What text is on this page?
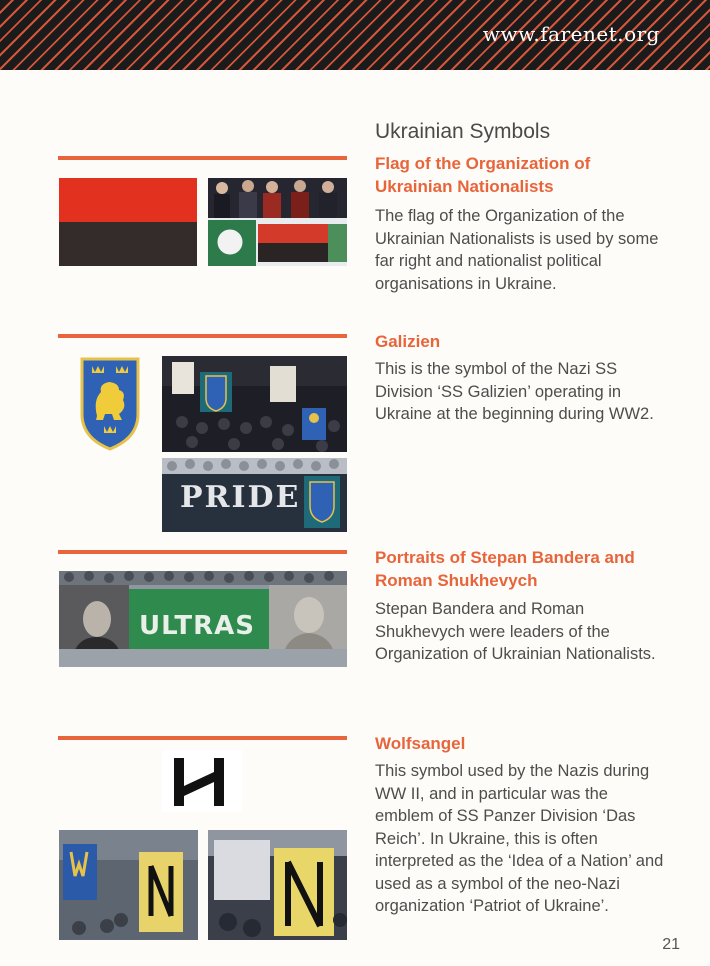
www.farenet.org
Ukrainian Symbols
Flag of the Organization of Ukrainian Nationalists
The flag of the Organization of the Ukrainian Nationalists is used by some far right and nationalist political organisations in Ukraine.
PRIDE
Galizien
This is the symbol of the Nazi SS Division ‘SS Galizien’ operating in Ukraine at the beginning during WW2.
ULTRAS
Portraits of Stepan Bandera and Roman Shukhevych
Stepan Bandera and Roman Shukhevych were leaders of the Organization of Ukrainian Nationalists.
Wolfsangel
This symbol used by the Nazis during WW II, and in particular was the emblem of SS Panzer Division ‘Das Reich’. In Ukraine, this is often interpreted as the ‘Idea of a Nation’ and used as a symbol of the neo-Nazi organization ‘Patriot of Ukraine’.
21
